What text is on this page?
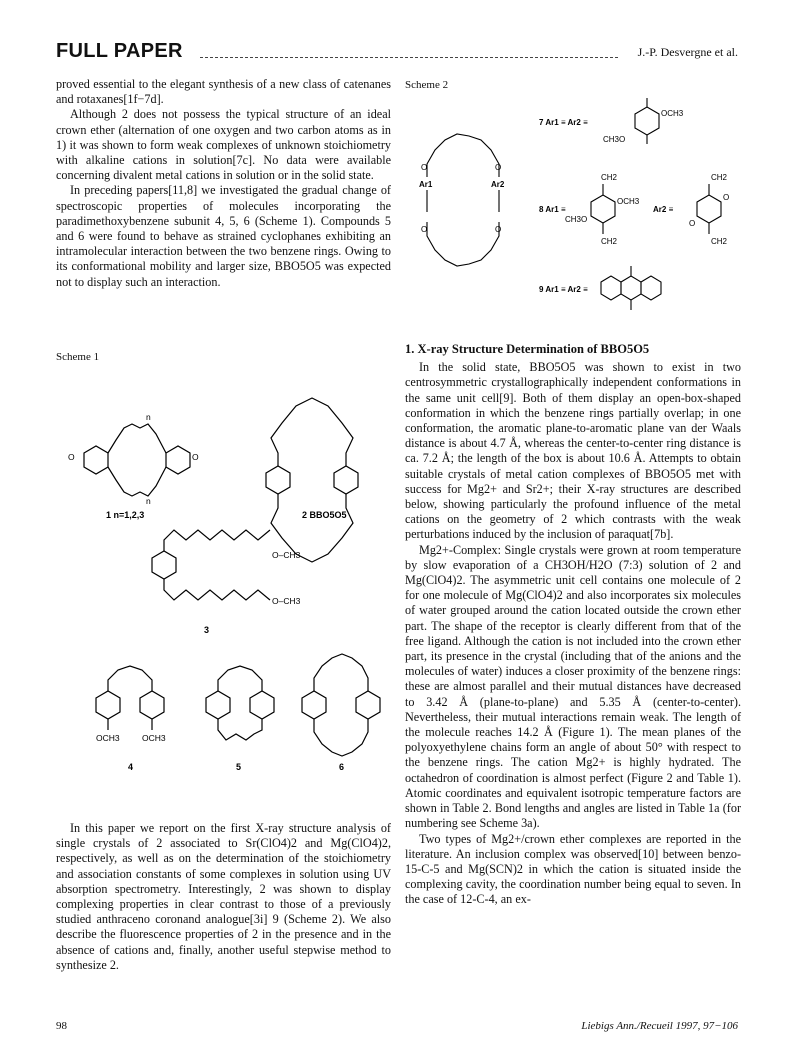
FULL PAPER	J.-P. Desvergne et al.

proved essential to the elegant synthesis of a new class of catenanes and rotaxanes[1f−7d].

Although 2 does not possess the typical structure of an ideal crown ether (alternation of one oxygen and two carbon atoms as in 1) it was shown to form weak complexes of unknown stoichiometry with alkaline cations in solution[7c]. No data were available concerning divalent metal cations in solution or in the solid state.

In preceding papers[11,8] we investigated the gradual change of spectroscopic properties of molecules incorporating the paradimethoxybenzene subunit 4, 5, 6 (Scheme 1). Compounds 5 and 6 were found to behave as strained cyclophanes exhibiting an intramolecular interaction between the two benzene rings. Owing to its conformational mobility and larger size, BBO5O5 was expected not to display such an interaction.

Scheme 1
O	O
n
n
O–CH3
O–CH3
OCH3	OCH3
1 n=1,2,3	2 BBO5O5
3
4	5	6

In this paper we report on the first X-ray structure analysis of single crystals of 2 associated to Sr(ClO4)2 and Mg(ClO4)2, respectively, as well as on the determination of the stoichiometry and association constants of some complexes in solution using UV absorption spectrometry. Interestingly, 2 was shown to display complexing properties in clear contrast to those of a previously studied anthraceno coronand analogue[3i] 9 (Scheme 2). We also describe the fluorescence properties of 2 in the presence and in the absence of cations and, finally, another useful stepwise method to synthesize 2.

Scheme 2
Ar1	Ar2
O	O
O	O
7 Ar1 ≡ Ar2 ≡
OCH3
CH3O
8 Ar1 ≡
OCH3
CH3O
CH2
CH2
Ar2 ≡
CH2
CH2
O
O
9 Ar1 ≡ Ar2 ≡
1. X-ray Structure Determination of BBO5O5

In the solid state, BBO5O5 was shown to exist in two centrosymmetric crystallographically independent conformations in the same unit cell[9]. Both of them display an open-box-shaped conformation in which the benzene rings partially overlap; in one conformation, the aromatic plane-to-aromatic plane van der Waals distance is about 4.7 Å, whereas the center-to-center ring distance is ca. 7.2 Å; the length of the box is about 10.6 Å. Attempts to obtain suitable crystals of metal cation complexes of BBO5O5 met with success for Mg2+ and Sr2+; their X-ray structures are described below, showing particularly the profound influence of the metal cations on the geometry of 2 which contrasts with the weak perturbations induced by the inclusion of paraquat[7b].

Mg2+-Complex: Single crystals were grown at room temperature by slow evaporation of a CH3OH/H2O (7:3) solution of 2 and Mg(ClO4)2. The asymmetric unit cell contains one molecule of 2 for one molecule of Mg(ClO4)2 and also incorporates six molecules of water grouped around the cation located outside the crown ether part. The shape of the receptor is clearly different from that of the free ligand. Although the cation is not included into the crown ether part, its presence in the crystal (including that of the anions and the molecules of water) induces a closer proximity of the benzene rings: these are almost parallel and their mutual distances have decreased to 3.42 Å (plane-to-plane) and 5.35 Å (center-to-center). Nevertheless, their mutual interactions remain weak. The length of the molecule reaches 14.2 Å (Figure 1). The mean planes of the polyoxyethylene chains form an angle of about 50° with respect to the benzene rings. The cation Mg2+ is highly hydrated. The octahedron of coordination is almost perfect (Figure 2 and Table 1). Atomic coordinates and equivalent isotropic temperature factors are shown in Table 2. Bond lengths and angles are listed in Table 1a (for numbering see Scheme 3a).

Two types of Mg2+/crown ether complexes are reported in the literature. An inclusion complex was observed[10] between benzo-15-C-5 and Mg(SCN)2 in which the cation is situated inside the complexing cavity, the coordination number being equal to seven. In the case of 12-C-4, an ex-

98	Liebigs Ann./Recueil 1997, 97−106
